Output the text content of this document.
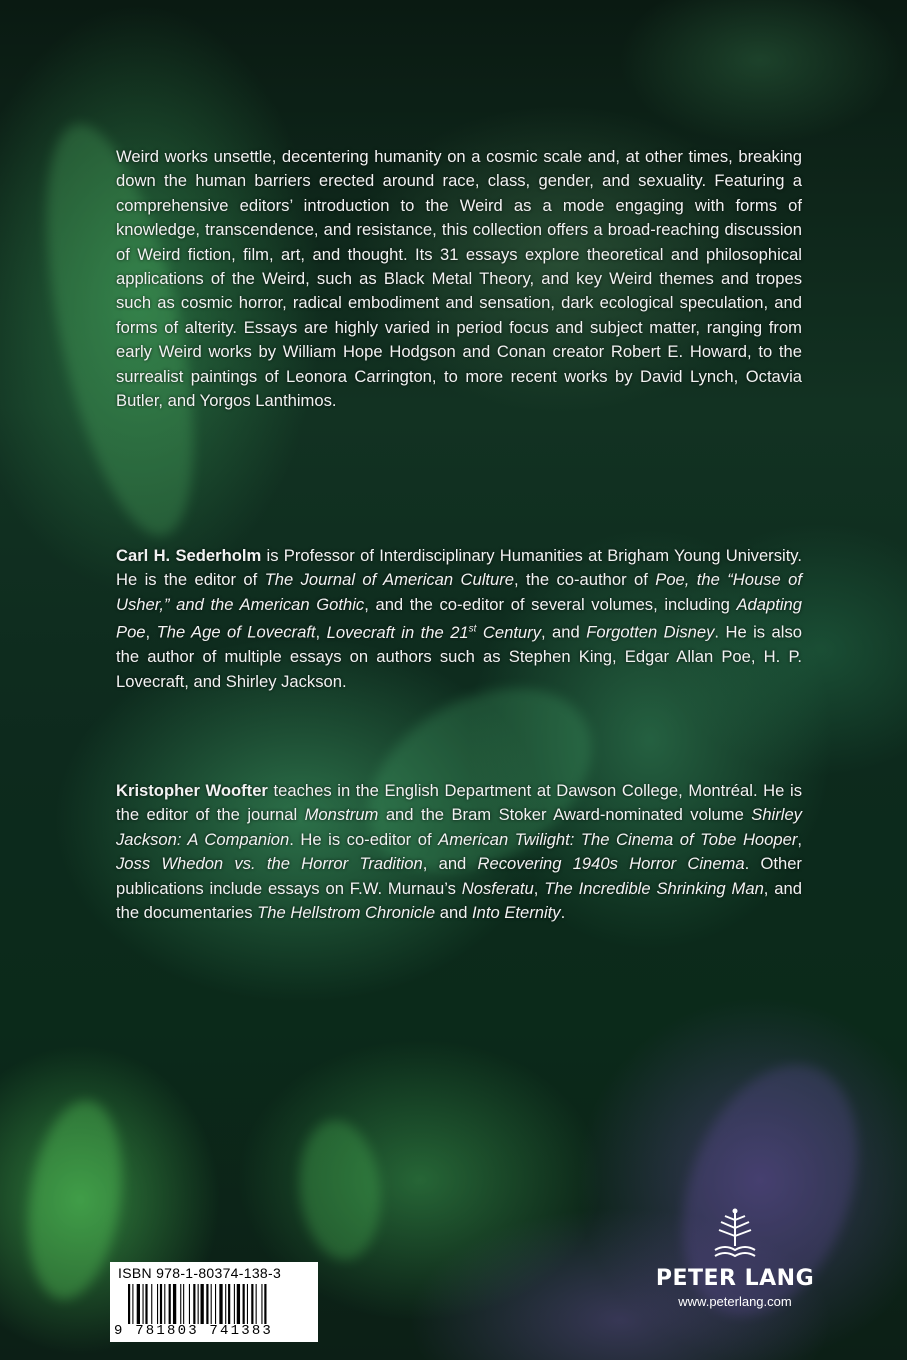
Weird works unsettle, decentering humanity on a cosmic scale and, at other times, breaking down the human barriers erected around race, class, gender, and sexuality. Featuring a comprehensive editors’ introduction to the Weird as a mode engaging with forms of knowledge, transcendence, and resistance, this collection offers a broad-reaching discussion of Weird fiction, film, art, and thought. Its 31 essays explore theoretical and philosophical applications of the Weird, such as Black Metal Theory, and key Weird themes and tropes such as cosmic horror, radical embodiment and sensation, dark ecological speculation, and forms of alterity. Essays are highly varied in period focus and subject matter, ranging from early Weird works by William Hope Hodgson and Conan creator Robert E. Howard, to the surrealist paintings of Leonora Carrington, to more recent works by David Lynch, Octavia Butler, and Yorgos Lanthimos.

Carl H. Sederholm is Professor of Interdisciplinary Humanities at Brigham Young University. He is the editor of The Journal of American Culture, the co-author of Poe, the “House of Usher,” and the American Gothic, and the co-editor of several volumes, including Adapting Poe, The Age of Lovecraft, Lovecraft in the 21st Century, and Forgotten Disney. He is also the author of multiple essays on authors such as Stephen King, Edgar Allan Poe, H. P. Lovecraft, and Shirley Jackson.

Kristopher Woofter teaches in the English Department at Dawson College, Montréal. He is the editor of the journal Monstrum and the Bram Stoker Award-nominated volume Shirley Jackson: A Companion. He is co-editor of American Twilight: The Cinema of Tobe Hooper, Joss Whedon vs. the Horror Tradition, and Recovering 1940s Horror Cinema. Other publications include essays on F.W. Murnau’s Nosferatu, The Incredible Shrinking Man, and the documentaries The Hellstrom Chronicle and Into Eternity.

ISBN 978-1-80374-138-3
9 781803 741383
PETER LANG
www.peterlang.com
